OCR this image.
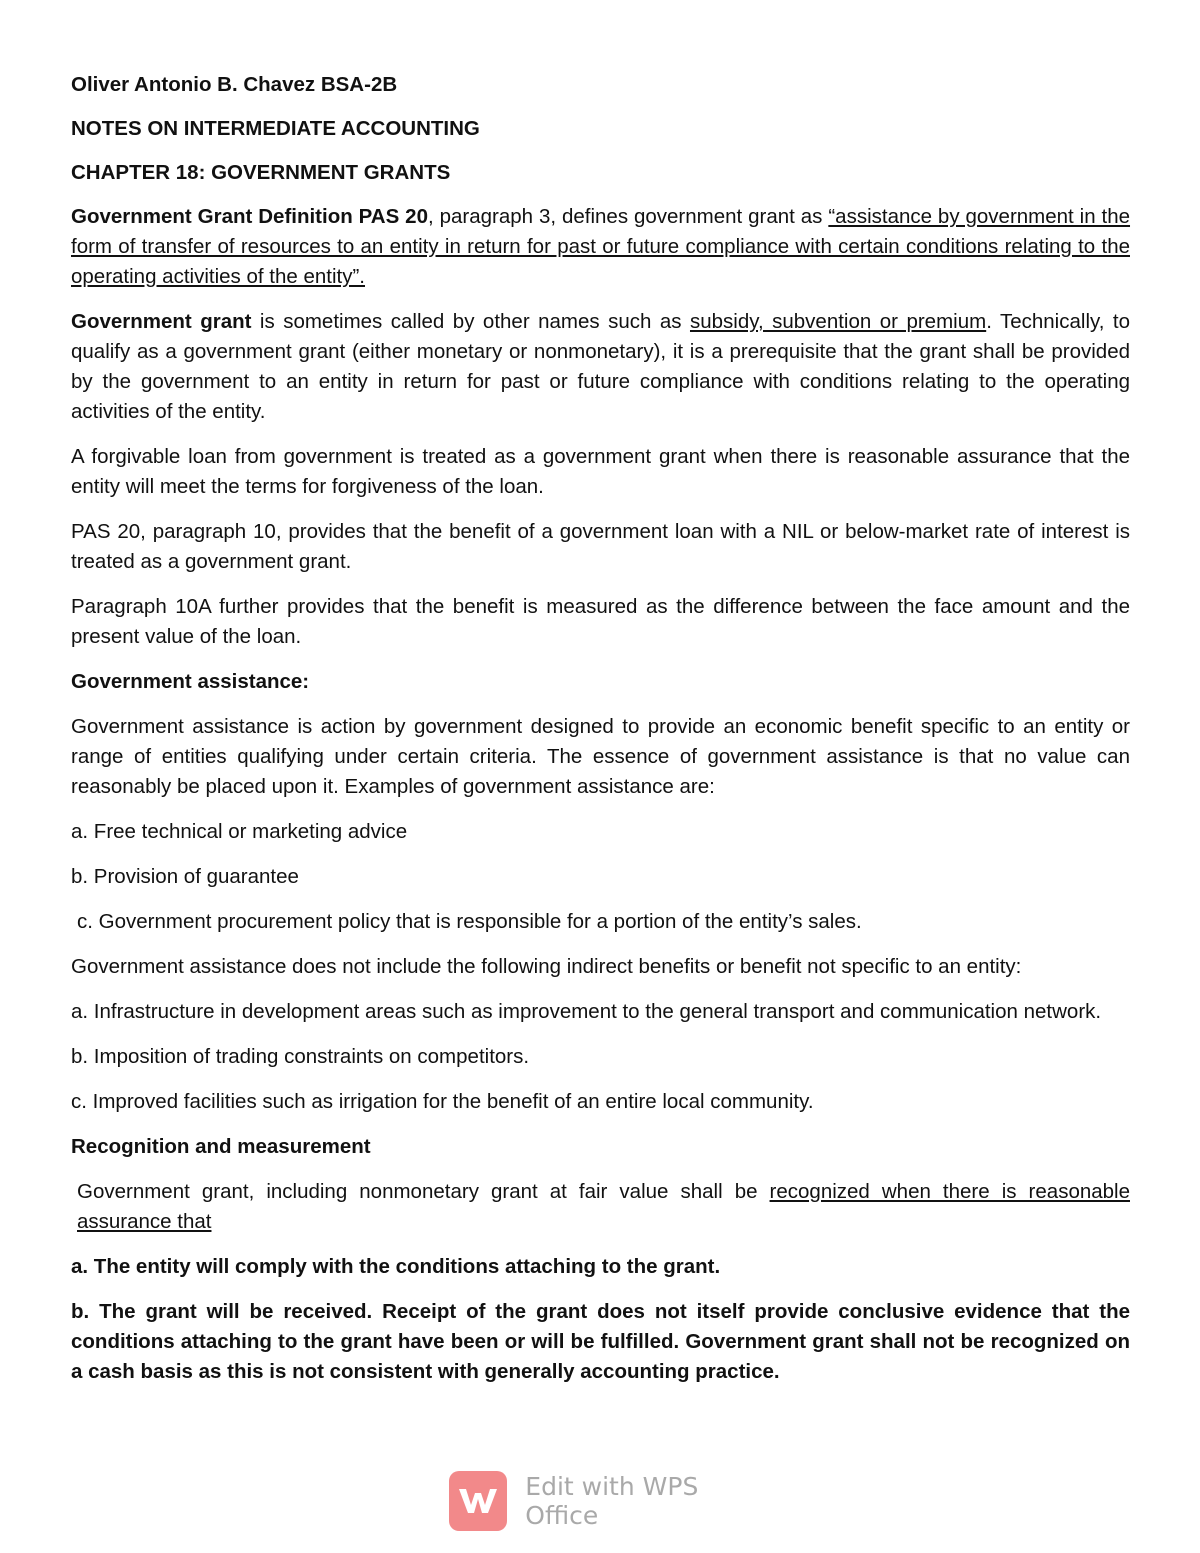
Oliver Antonio B. Chavez BSA-2B

NOTES ON INTERMEDIATE ACCOUNTING

CHAPTER 18: GOVERNMENT GRANTS

Government Grant Definition PAS 20, paragraph 3, defines government grant as “assistance by government in the form of transfer of resources to an entity in return for past or future compliance with certain conditions relating to the operating activities of the entity”.

Government grant is sometimes called by other names such as subsidy, subvention or premium. Technically, to qualify as a government grant (either monetary or nonmonetary), it is a prerequisite that the grant shall be provided by the government to an entity in return for past or future compliance with conditions relating to the operating activities of the entity.

A forgivable loan from government is treated as a government grant when there is reasonable assurance that the entity will meet the terms for forgiveness of the loan.

PAS 20, paragraph 10, provides that the benefit of a government loan with a NIL or below-market rate of interest is treated as a government grant.

Paragraph 10A further provides that the benefit is measured as the difference between the face amount and the present value of the loan.

Government assistance:

Government assistance is action by government designed to provide an economic benefit specific to an entity or range of entities qualifying under certain criteria. The essence of government assistance is that no value can reasonably be placed upon it. Examples of government assistance are:

a. Free technical or marketing advice

b. Provision of guarantee

c. Government procurement policy that is responsible for a portion of the entity’s sales.

Government assistance does not include the following indirect benefits or benefit not specific to an entity:

a. Infrastructure in development areas such as improvement to the general transport and communication network.

b. Imposition of trading constraints on competitors.

c. Improved facilities such as irrigation for the benefit of an entire local community.

Recognition and measurement

Government grant, including nonmonetary grant at fair value shall be recognized when there is reasonable assurance that

a. The entity will comply with the conditions attaching to the grant.

b. The grant will be received. Receipt of the grant does not itself provide conclusive evidence that the conditions attaching to the grant have been or will be fulfilled. Government grant shall not be recognized on a cash basis as this is not consistent with generally accounting practice.

Edit with WPS Office
